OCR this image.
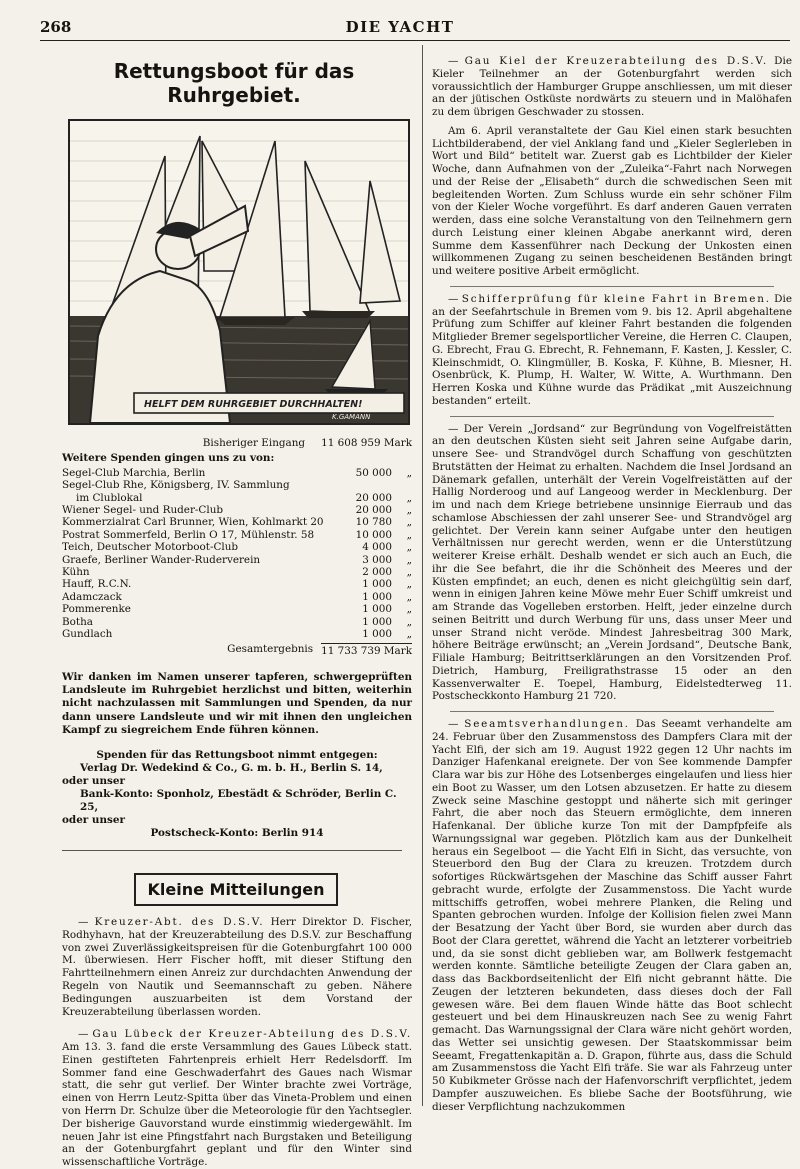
268	DIE YACHT
Rettungsboot für das Ruhrgebiet.
HELFT DEM RUHRGEBIET DURCHHALTEN!
K.GAMANN
Bisheriger Eingang 11 608 959 Mark
Weitere Spenden gingen uns zu von:
Segel-Club Marchia, Berlin	50 000	„
Segel-Club Rhe, Königsberg, IV. Sammlung
im Clublokal	20 000	„
Wiener Segel- und Ruder-Club	20 000	„
Kommerzialrat Carl Brunner, Wien, Kohlmarkt 20	10 780	„
Postrat Sommerfeld, Berlin O 17, Mühlenstr. 58	10 000	„
Teich, Deutscher Motorboot-Club	4 000	„
Graefe, Berliner Wander-Ruderverein	3 000	„
Kühn	2 000	„
Hauff, R.C.N.	1 000	„
Adamczack	1 000	„
Pommerenke	1 000	„
Botha	1 000	„
Gundlach	1 000	„
Gesamtergebnis 11 733 739 Mark
Wir danken im Namen unserer tapferen, schwergeprüften Landsleute im Ruhrgebiet herzlichst und bitten, weiterhin nicht nachzulassen mit Sammlungen und Spenden, da nur dann unsere Landsleute und wir mit ihnen den ungleichen Kampf zu siegreichem Ende führen können.
Spenden für das Rettungsboot nimmt entgegen:
Verlag Dr. Wedekind & Co., G. m. b. H., Berlin S. 14,
oder unser
Bank-Konto: Sponholz, Ebestädt & Schröder, Berlin C. 25,
oder unser
Postscheck-Konto: Berlin 914
Kleine Mitteilungen

— Kreuzer-Abt. des D.S.V. Herr Direktor D. Fischer, Rodhyhavn, hat der Kreuzerabteilung des D.S.V. zur Beschaffung von zwei Zuverlässigkeitspreisen für die Gotenburgfahrt 100 000 M. überwiesen. Herr Fischer hofft, mit dieser Stiftung den Fahrtteilnehmern einen Anreiz zur durchdachten Anwendung der Regeln von Nautik und Seemannschaft zu geben. Nähere Bedingungen auszuarbeiten ist dem Vorstand der Kreuzerabteilung überlassen worden.

— Gau Lübeck der Kreuzer-Abteilung des D.S.V. Am 13. 3. fand die erste Versammlung des Gaues Lübeck statt. Einen gestifteten Fahrtenpreis erhielt Herr Redelsdorff. Im Sommer fand eine Geschwaderfahrt des Gaues nach Wismar statt, die sehr gut verlief. Der Winter brachte zwei Vorträge, einen von Herrn Leutz-Spitta über das Vineta-Problem und einen von Herrn Dr. Schulze über die Meteorologie für den Yachtsegler. Der bisherige Gauvorstand wurde einstimmig wiedergewählt. Im neuen Jahr ist eine Pfingstfahrt nach Burgstaken und Beteiligung an der Gotenburgfahrt geplant und für den Winter sind wissenschaftliche Vorträge.

— Gau Kiel der Kreuzerabteilung des D.S.V. Die Kieler Teilnehmer an der Gotenburgfahrt werden sich voraussichtlich der Hamburger Gruppe anschliessen, um mit dieser an der jütischen Ostküste nordwärts zu steuern und in Malöhafen zu dem übrigen Geschwader zu stossen.

Am 6. April veranstaltete der Gau Kiel einen stark besuchten Lichtbilderabend, der viel Anklang fand und „Kieler Seglerleben in Wort und Bild“ betitelt war. Zuerst gab es Lichtbilder der Kieler Woche, dann Aufnahmen von der „Zuleika“-Fahrt nach Norwegen und der Reise der „Elisabeth“ durch die schwedischen Seen mit begleitenden Worten. Zum Schluss wurde ein sehr schöner Film von der Kieler Woche vorgeführt. Es darf anderen Gauen verraten werden, dass eine solche Veranstaltung von den Teilnehmern gern durch Leistung einer kleinen Abgabe anerkannt wird, deren Summe dem Kassenführer nach Deckung der Unkosten einen willkommenen Zugang zu seinen bescheidenen Beständen bringt und weitere positive Arbeit ermöglicht.

— Schifferprüfung für kleine Fahrt in Bremen. Die an der Seefahrtschule in Bremen vom 9. bis 12. April abgehaltene Prüfung zum Schiffer auf kleiner Fahrt bestanden die folgenden Mitglieder Bremer segelsportlicher Vereine, die Herren C. Claupen, G. Ebrecht, Frau G. Ebrecht, R. Fehnemann, F. Kasten, J. Kessler, C. Kleinschmidt, O. Klingmüller, B. Koska, F. Kühne, B. Miesner, H. Osenbrück, K. Plump, H. Walter, W. Witte, A. Wurthmann. Den Herren Koska und Kühne wurde das Prädikat „mit Auszeichnung bestanden“ erteilt.

— Der Verein „Jordsand“ zur Begründung von Vogelfreistätten an den deutschen Küsten sieht seit Jahren seine Aufgabe darin, unsere See- und Strandvögel durch Schaffung von geschützten Brutstätten der Heimat zu erhalten. Nachdem die Insel Jordsand an Dänemark gefallen, unterhält der Verein Vogelfreistätten auf der Hallig Norderoog und auf Langeoog werder in Mecklenburg. Der im und nach dem Kriege betriebene unsinnige Eierraub und das schamlose Abschiessen der zahl unserer See- und Strandvögel arg gelichtet. Der Verein kann seiner Aufgabe unter den heutigen Verhältnissen nur gerecht werden, wenn er die Unterstützung weiterer Kreise erhält. Deshalb wendet er sich auch an Euch, die ihr die See befahrt, die ihr die Schönheit des Meeres und der Küsten empfindet; an euch, denen es nicht gleichgültig sein darf, wenn in einigen Jahren keine Möwe mehr Euer Schiff umkreist und am Strande das Vogelleben erstorben. Helft, jeder einzelne durch seinen Beitritt und durch Werbung für uns, dass unser Meer und unser Strand nicht veröde. Mindest Jahresbeitrag 300 Mark, höhere Beiträge erwünscht; an „Verein Jordsand“, Deutsche Bank, Filiale Hamburg; Beitrittserklärungen an den Vorsitzenden Prof. Dietrich, Hamburg, Freiligrathstrasse 15 oder an den Kassenverwalter E. Toepel, Hamburg, Eidelstedterweg 11. Postscheckkonto Hamburg 21 720.

— Seeamtsverhandlungen. Das Seeamt verhandelte am 24. Februar über den Zusammenstoss des Dampfers Clara mit der Yacht Elfi, der sich am 19. August 1922 gegen 12 Uhr nachts im Danziger Hafenkanal ereignete. Der von See kommende Dampfer Clara war bis zur Höhe des Lotsenberges eingelaufen und liess hier ein Boot zu Wasser, um den Lotsen abzusetzen. Er hatte zu diesem Zweck seine Maschine gestoppt und näherte sich mit geringer Fahrt, die aber noch das Steuern ermöglichte, dem inneren Hafenkanal. Der übliche kurze Ton mit der Dampfpfeife als Warnungssignal war gegeben. Plötzlich kam aus der Dunkelheit heraus ein Segelboot — die Yacht Elfi in Sicht, das versuchte, von Steuerbord den Bug der Clara zu kreuzen. Trotzdem durch sofortiges Rückwärtsgehen der Maschine das Schiff ausser Fahrt gebracht wurde, erfolgte der Zusammenstoss. Die Yacht wurde mittschiffs getroffen, wobei mehrere Planken, die Reling und Spanten gebrochen wurden. Infolge der Kollision fielen zwei Mann der Besatzung der Yacht über Bord, sie wurden aber durch das Boot der Clara gerettet, während die Yacht an letzterer vorbeitrieb und, da sie sonst dicht geblieben war, am Bollwerk festgemacht werden konnte. Sämtliche beteiligte Zeugen der Clara gaben an, dass das Backbordseitenlicht der Elfi nicht gebrannt hätte. Die Zeugen der letzteren bekundeten, dass dieses doch der Fall gewesen wäre. Bei dem flauen Winde hätte das Boot schlecht gesteuert und bei dem Hinauskreuzen nach See zu wenig Fahrt gemacht. Das Warnungssignal der Clara wäre nicht gehört worden, das Wetter sei unsichtig gewesen. Der Staatskommissar beim Seeamt, Fregattenkapitän a. D. Grapon, führte aus, dass die Schuld am Zusammenstoss die Yacht Elfi träfe. Sie war als Fahrzeug unter 50 Kubikmeter Grösse nach der Hafenvorschrift verpflichtet, jedem Dampfer auszuweichen. Es bliebe Sache der Bootsführung, wie dieser Verpflichtung nachzukommen
